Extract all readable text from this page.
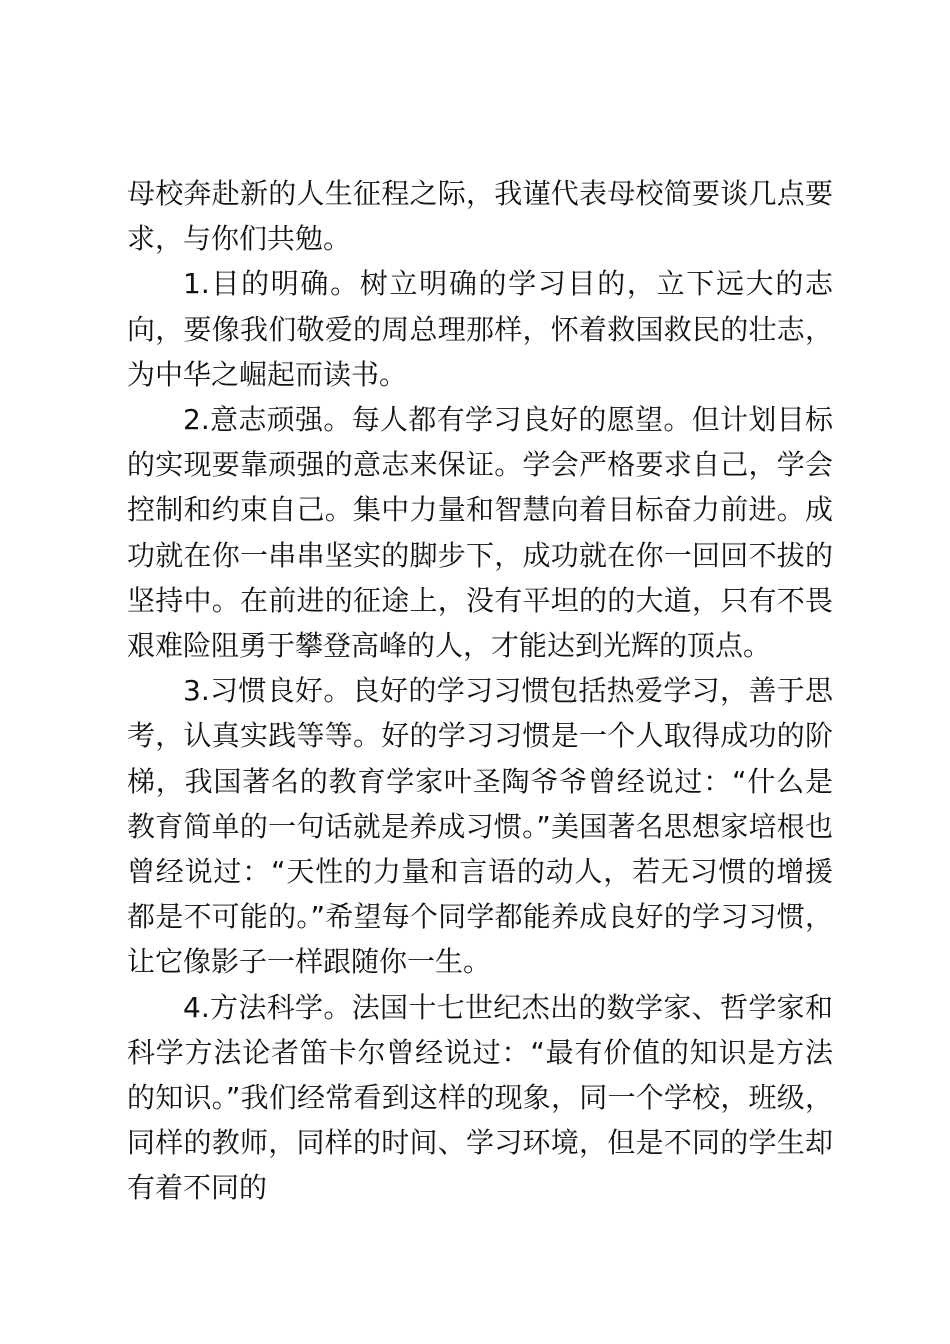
母校奔赴新的人生征程之际，我谨代表母校简要谈几点要求，与你们共勉。

1.目的明确。树立明确的学习目的，立下远大的志向，要像我们敬爱的周总理那样，怀着救国救民的壮志，为中华之崛起而读书。

2.意志顽强。每人都有学习良好的愿望。但计划目标的实现要靠顽强的意志来保证。学会严格要求自己，学会控制和约束自己。集中力量和智慧向着目标奋力前进。成功就在你一串串坚实的脚步下，成功就在你一回回不拔的坚持中。在前进的征途上，没有平坦的的大道，只有不畏艰难险阻勇于攀登高峰的人，才能达到光辉的顶点。

3.习惯良好。良好的学习习惯包括热爱学习，善于思考，认真实践等等。好的学习习惯是一个人取得成功的阶梯，我国著名的教育学家叶圣陶爷爷曾经说过：“什么是教育简单的一句话就是养成习惯。”美国著名思想家培根也曾经说过：“天性的力量和言语的动人，若无习惯的增援都是不可能的。”希望每个同学都能养成良好的学习习惯，让它像影子一样跟随你一生。

4.方法科学。法国十七世纪杰出的数学家、哲学家和科学方法论者笛卡尔曾经说过：“最有价值的知识是方法的知识。”我们经常看到这样的现象，同一个学校，班级，同样的教师，同样的时间、学习环境，但是不同的学生却有着不同的
